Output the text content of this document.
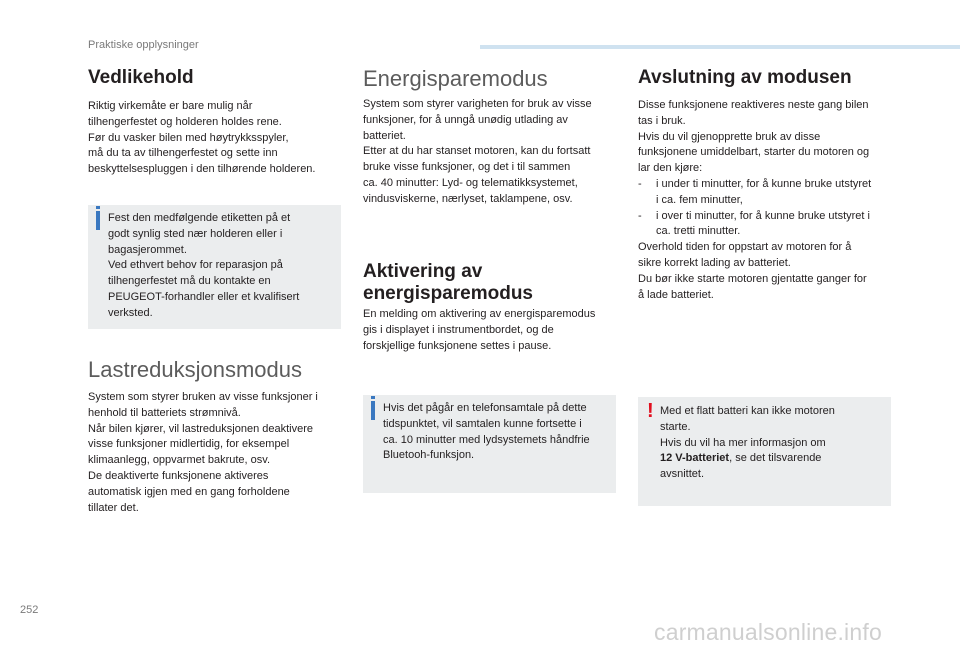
Praktiske opplysninger
Vedlikehold
Riktig virkemåte er bare mulig når
tilhengerfestet og holderen holdes rene.
Før du vasker bilen med høytrykksspyler,
må du ta av tilhengerfestet og sette inn
beskyttelsespluggen i den tilhørende holderen.
Fest den medfølgende etiketten på et
godt synlig sted nær holderen eller i
bagasjerommet.
Ved ethvert behov for reparasjon på
tilhengerfestet må du kontakte en
PEUGEOT-forhandler eller et kvalifisert
verksted.
Lastreduksjonsmodus
System som styrer bruken av visse funksjoner i
henhold til batteriets strømnivå.
Når bilen kjører, vil lastreduksjonen deaktivere
visse funksjoner midlertidig, for eksempel
klimaanlegg, oppvarmet bakrute, osv.
De deaktiverte funksjonene aktiveres
automatisk igjen med en gang forholdene
tillater det.
Energisparemodus
System som styrer varigheten for bruk av visse
funksjoner, for å unngå unødig utlading av
batteriet.
Etter at du har stanset motoren, kan du fortsatt
bruke visse funksjoner, og det i til sammen
ca. 40 minutter: Lyd- og telematikksystemet,
vindusviskerne, nærlyset, taklampene, osv.
Aktivering av
energisparemodus
En melding om aktivering av energisparemodus
gis i displayet i instrumentbordet, og de
forskjellige funksjonene settes i pause.
Hvis det pågår en telefonsamtale på dette
tidspunktet, vil samtalen kunne fortsette i
ca. 10 minutter med lydsystemets håndfrie
Bluetooh-funksjon.
Avslutning av modusen
Disse funksjonene reaktiveres neste gang bilen
tas i bruk.
Hvis du vil gjenopprette bruk av disse
funksjonene umiddelbart, starter du motoren og
lar den kjøre:
-	i under ti minutter, for å kunne bruke utstyret
i ca. fem minutter,
-	i over ti minutter, for å kunne bruke utstyret i
ca. tretti minutter.
Overhold tiden for oppstart av motoren for å
sikre korrekt lading av batteriet.
Du bør ikke starte motoren gjentatte ganger for
å lade batteriet.
! Med et flatt batteri kan ikke motoren
starte.
Hvis du vil ha mer informasjon om
12 V-batteriet, se det tilsvarende
avsnittet.
252
carmanualsonline.info
